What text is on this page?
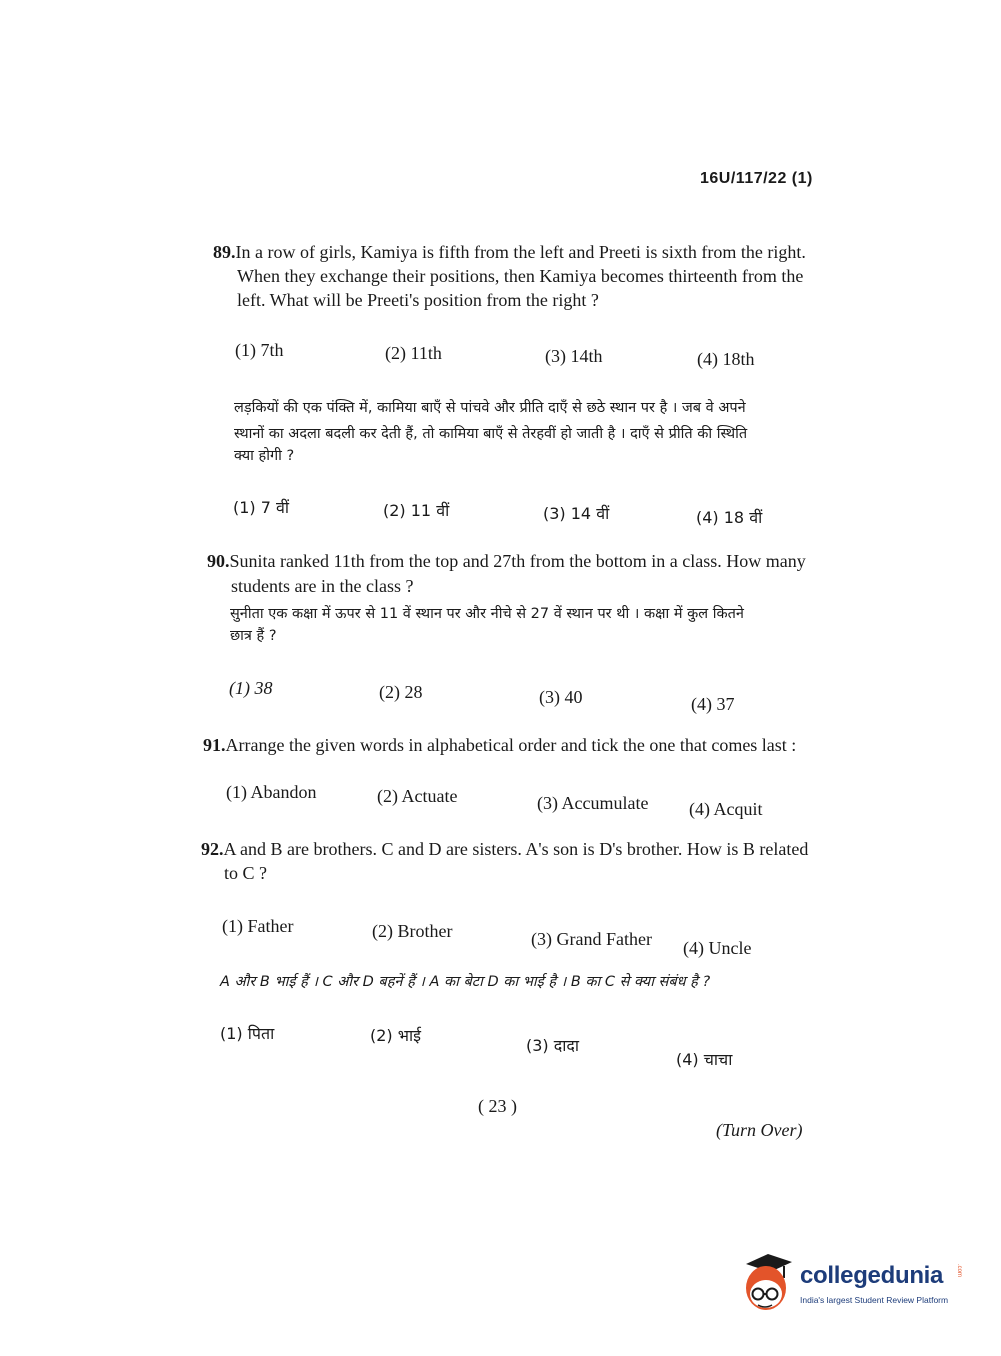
16U/117/22 (1)
89.In a row of girls, Kamiya is fifth from the left and Preeti is sixth from the right.
When they exchange their positions, then Kamiya becomes thirteenth from the
left. What will be Preeti's position from the right ?
(1) 7th	(2) 11th	(3) 14th	(4) 18th
लड़कियों की एक पंक्ति में, कामिया बाएँ से पांचवे और प्रीति दाएँ से छठे स्थान पर है । जब वे अपने
स्थानों का अदला बदली कर देती हैं, तो कामिया बाएँ से तेरहवीं हो जाती है । दाएँ से प्रीति की स्थिति
क्या होगी ?
(1) 7 वीं	(2) 11 वीं	(3) 14 वीं	(4) 18 वीं
90.Sunita ranked 11th from the top and 27th from the bottom in a class. How many
students are in the class ?
सुनीता एक कक्षा में ऊपर से 11 वें स्थान पर और नीचे से 27 वें स्थान पर थी । कक्षा में कुल कितने
छात्र हैं ?
(1) 38	(2) 28	(3) 40	(4) 37
91.Arrange the given words in alphabetical order and tick the one that comes last :
(1) Abandon	(2) Actuate	(3) Accumulate (4) Acquit
92.A and B are brothers. C and D are sisters. A's son is D's brother. How is B related
to C ?
(1) Father	(2) Brother	(3) Grand Father (4) Uncle
A और B भाई हैं । C और D बहनें हैं । A का बेटा D का भाई है । B का C से क्या संबंध है ?
(1) पिता	(2) भाई
(3) दादा
(4) चाचा
( 23 )
(Turn Over)
collegedunia .com
India's largest Student Review Platform
